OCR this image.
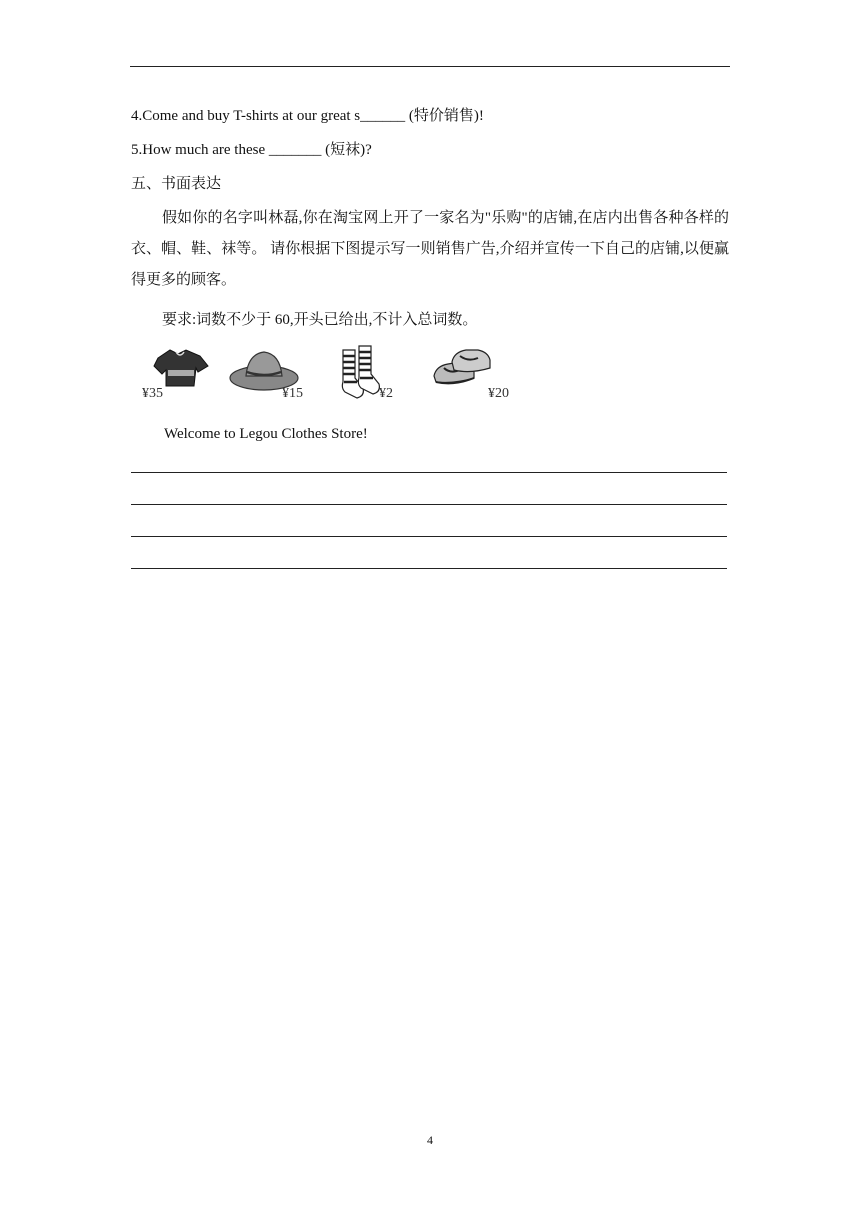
4.Come and buy T-shirts at our great s______ (特价销售)!
5.How much are these _______ (短袜)?
五、书面表达
假如你的名字叫林磊,你在淘宝网上开了一家名为"乐购"的店铺,在店内出售各种各样的衣、帽、鞋、袜等。 请你根据下图提示写一则销售广告,介绍并宣传一下自己的店铺,以便赢得更多的顾客。
要求:词数不少于 60,开头已给出,不计入总词数。
¥35	¥15	¥2	¥20
Welcome to Legou Clothes Store!
4
